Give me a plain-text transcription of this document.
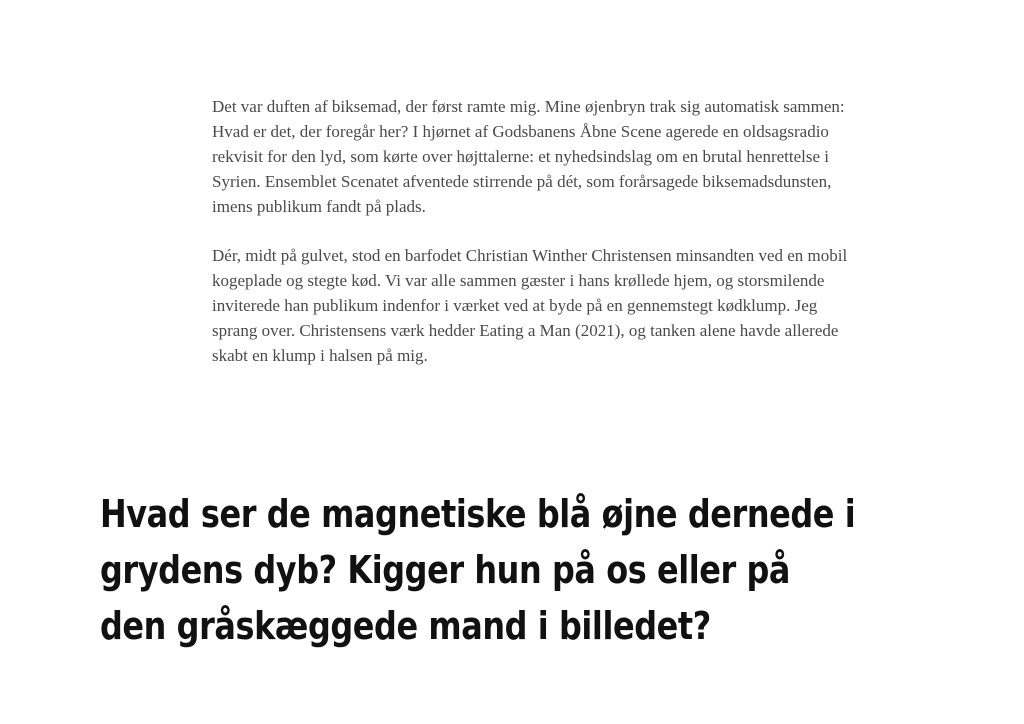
Det var duften af biksemad, der først ramte mig. Mine øjenbryn trak sig automatisk sammen: Hvad er det, der foregår her? I hjørnet af Godsbanens Åbne Scene agerede en oldsagsradio rekvisit for den lyd, som kørte over højttalerne: et nyhedsindslag om en brutal henrettelse i Syrien. Ensemblet Scenatet afventede stirrende på dét, som forårsagede biksemadsdunsten, imens publikum fandt på plads.

Dér, midt på gulvet, stod en barfodet Christian Winther Christensen minsandten ved en mobil kogeplade og stegte kød. Vi var alle sammen gæster i hans krøllede hjem, og storsmilende inviterede han publikum indenfor i værket ved at byde på en gennemstegt kødklump. Jeg sprang over. Christensens værk hedder Eating a Man (2021), og tanken alene havde allerede skabt en klump i halsen på mig.

Hvad ser de magnetiske blå øjne dernede i grydens dyb? Kigger hun på os eller på den gråskæggede mand i billedet?
